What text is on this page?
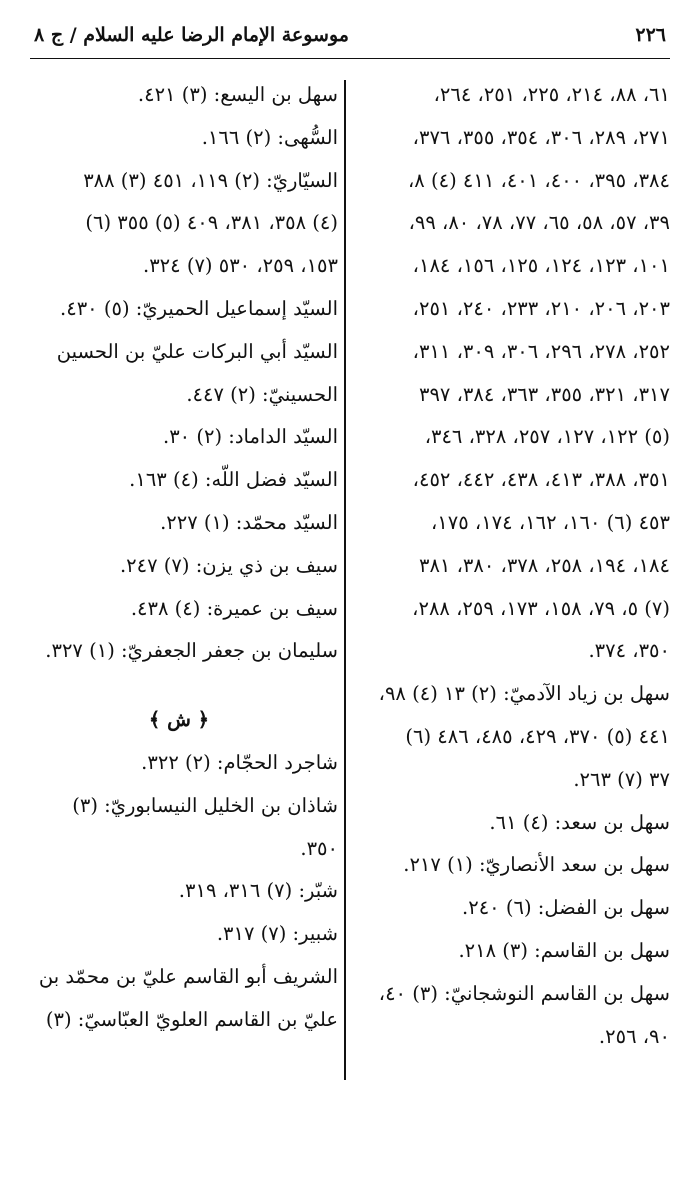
٢٢٦
موسوعة الإمام الرضا عليه السلام / ج ٨
٦١، ٨٨، ٢١٤، ٢٢٥، ٢٥١، ٢٦٤،
٢٧١، ٢٨٩، ٣٠٦، ٣٥٤، ٣٥٥، ٣٧٦،
٣٨٤، ٣٩٥، ٤٠٠، ٤٠١، ٤١١ (٤) ٨،
٣٩، ٥٧، ٥٨، ٦٥، ٧٧، ٧٨، ٨٠، ٩٩،
١٠١، ١٢٣، ١٢٤، ١٢٥، ١٥٦، ١٨٤،
٢٠٣، ٢٠٦، ٢١٠، ٢٣٣، ٢٤٠، ٢٥١،
٢٥٢، ٢٧٨، ٢٩٦، ٣٠٦، ٣٠٩، ٣١١،
٣١٧، ٣٢١، ٣٥٥، ٣٦٣، ٣٨٤، ٣٩٧
(٥) ١٢٢، ١٢٧، ٢٥٧، ٣٢٨، ٣٤٦،
٣٥١، ٣٨٨، ٤١٣، ٤٣٨، ٤٤٢، ٤٥٢،
٤٥٣ (٦) ١٦٠، ١٦٢، ١٧٤، ١٧٥،
١٨٤، ١٩٤، ٢٥٨، ٣٧٨، ٣٨٠، ٣٨١
(٧) ٥، ٧٩، ١٥٨، ١٧٣، ٢٥٩، ٢٨٨،
٣٥٠، ٣٧٤.
سهل بن زياد الآدميّ: (٢) ١٣ (٤) ٩٨،
٤٤١ (٥) ٣٧٠، ٤٢٩، ٤٨٥، ٤٨٦ (٦)
٣٧ (٧) ٢٦٣.
سهل بن سعد: (٤) ٦١.
سهل بن سعد الأنصاريّ: (١) ٢١٧.
سهل بن الفضل: (٦) ٢٤٠.
سهل بن القاسم: (٣) ٢١٨.
سهل بن القاسم النوشجانيّ: (٣) ٤٠،
٩٠، ٢٥٦.
سهل بن اليسع: (٣) ٤٢١.
السُّهى: (٢) ١٦٦.
السيّاريّ: (٢) ١١٩، ٤٥١ (٣) ٣٨٨
(٤) ٣٥٨، ٣٨١، ٤٠٩ (٥) ٣٥٥ (٦)
١٥٣، ٢٥٩، ٥٣٠ (٧) ٣٢٤.
السيّد إسماعيل الحميريّ: (٥) ٤٣٠.
السيّد أبي البركات عليّ بن الحسين
الحسينيّ: (٢) ٤٤٧.
السيّد الداماد: (٢) ٣٠.
السيّد فضل اللّه: (٤) ١٦٣.
السيّد محمّد: (١) ٢٢٧.
سيف بن ذي يزن: (٧) ٢٤٧.
سيف بن عميرة: (٤) ٤٣٨.
سليمان بن جعفر الجعفريّ: (١) ٣٢٧.
﴿ ش ﴾
شاجرد الحجّام: (٢) ٣٢٢.
شاذان بن الخليل النيسابوريّ: (٣)
٣٥٠.
شبّر: (٧) ٣١٦، ٣١٩.
شبير: (٧) ٣١٧.
الشريف أبو القاسم عليّ بن محمّد بن
عليّ بن القاسم العلويّ العبّاسيّ: (٣)
